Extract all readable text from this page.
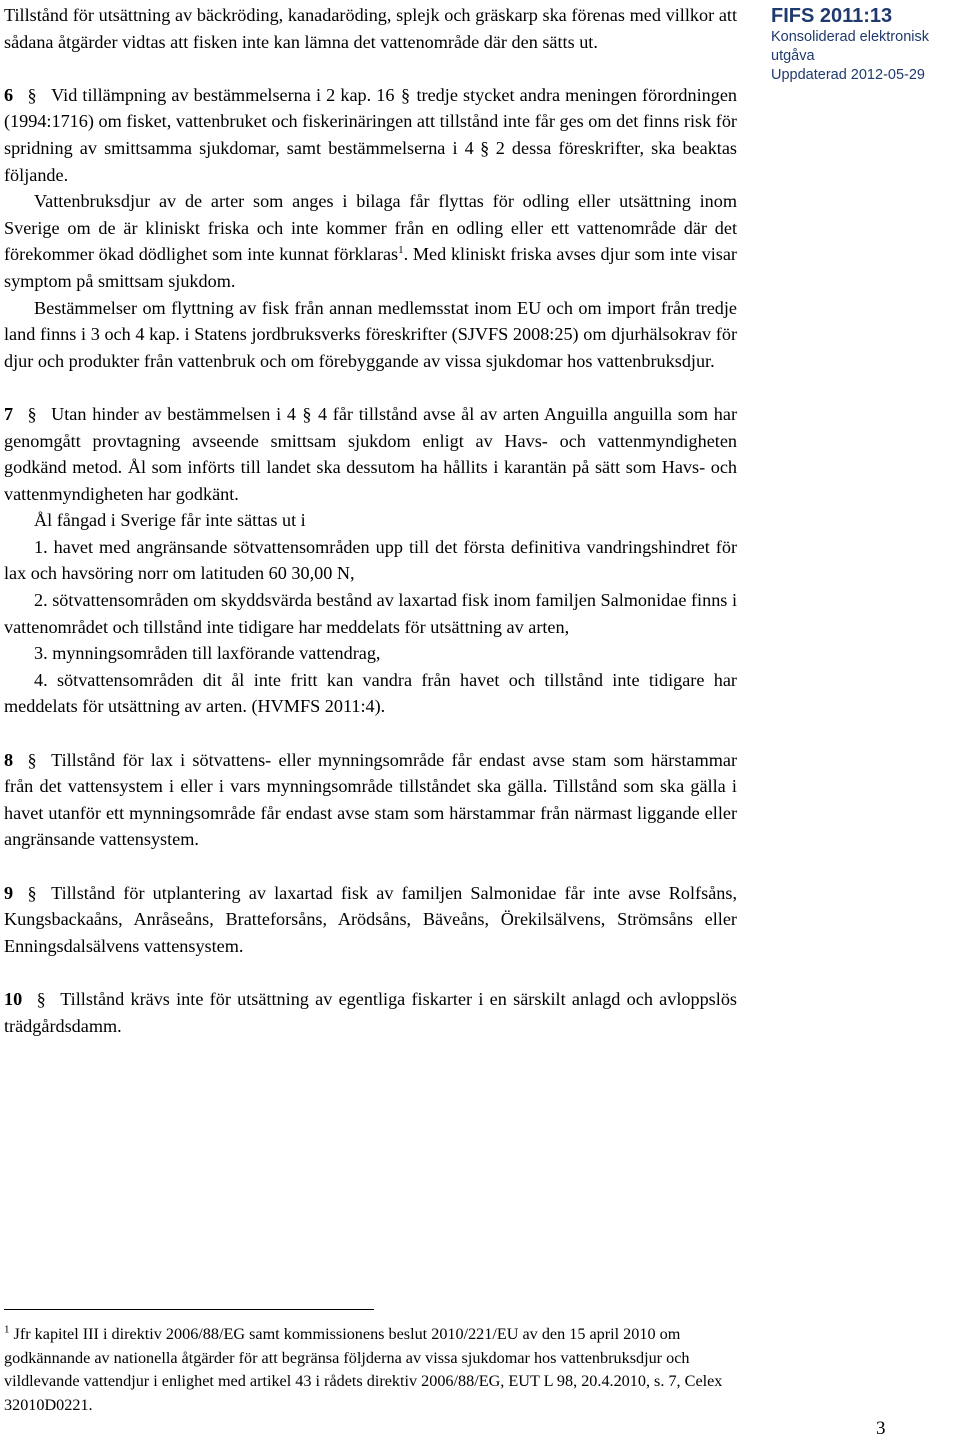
FIFS 2011:13
Konsoliderad elektronisk utgåva
Uppdaterad 2012-05-29

Tillstånd för utsättning av bäckröding, kanadaröding, splejk och gräskarp ska förenas med villkor att sådana åtgärder vidtas att fisken inte kan lämna det vattenområde där den sätts ut.

6 § Vid tillämpning av bestämmelserna i 2 kap. 16 § tredje stycket andra meningen förordningen (1994:1716) om fisket, vattenbruket och fiskerinäringen att tillstånd inte får ges om det finns risk för spridning av smittsamma sjukdomar, samt bestämmelserna i 4 § 2 dessa föreskrifter, ska beaktas följande.

Vattenbruksdjur av de arter som anges i bilaga får flyttas för odling eller utsättning inom Sverige om de är kliniskt friska och inte kommer från en odling eller ett vattenområde där det förekommer ökad dödlighet som inte kunnat förklaras$^1$. Med kliniskt friska avses djur som inte visar symptom på smittsam sjukdom.

Bestämmelser om flyttning av fisk från annan medlemsstat inom EU och om import från tredje land finns i 3 och 4 kap. i Statens jordbruksverks föreskrifter (SJVFS 2008:25) om djurhälsokrav för djur och produkter från vattenbruk och om förebyggande av vissa sjukdomar hos vattenbruksdjur.

7 § Utan hinder av bestämmelsen i 4 § 4 får tillstånd avse ål av arten Anguilla anguilla som har genomgått provtagning avseende smittsam sjukdom enligt av Havs- och vattenmyndigheten godkänd metod. Ål som införts till landet ska dessutom ha hållits i karantän på sätt som Havs- och vattenmyndigheten har godkänt.

Ål fångad i Sverige får inte sättas ut i

1. havet med angränsande sötvattensområden upp till det första definitiva vandringshindret för lax och havsöring norr om latituden 60 30,00 N,

2. sötvattensområden om skyddsvärda bestånd av laxartad fisk inom familjen Salmonidae finns i vattenområdet och tillstånd inte tidigare har meddelats för utsättning av arten,

3. mynningsområden till laxförande vattendrag,

4. sötvattensområden dit ål inte fritt kan vandra från havet och tillstånd inte tidigare har meddelats för utsättning av arten. (HVMFS 2011:4).

8 § Tillstånd för lax i sötvattens- eller mynningsområde får endast avse stam som härstammar från det vattensystem i eller i vars mynningsområde tillståndet ska gälla. Tillstånd som ska gälla i havet utanför ett mynningsområde får endast avse stam som härstammar från närmast liggande eller angränsande vattensystem.

9 § Tillstånd för utplantering av laxartad fisk av familjen Salmonidae får inte avse Rolfsåns, Kungsbackaåns, Anråseåns, Bratteforsåns, Arödsåns, Bäveåns, Örekilsälvens, Strömsåns eller Enningsdalsälvens vattensystem.

10 § Tillstånd krävs inte för utsättning av egentliga fiskarter i en särskilt anlagd och avloppslös trädgårdsdamm.

$^1$ Jfr kapitel III i direktiv 2006/88/EG samt kommissionens beslut 2010/221/EU av den 15 april 2010 om godkännande av nationella åtgärder för att begränsa följderna av vissa sjukdomar hos vattenbruksdjur och vildlevande vattendjur i enlighet med artikel 43 i rådets direktiv 2006/88/EG, EUT L 98, 20.4.2010, s. 7, Celex 32010D0221.

3
